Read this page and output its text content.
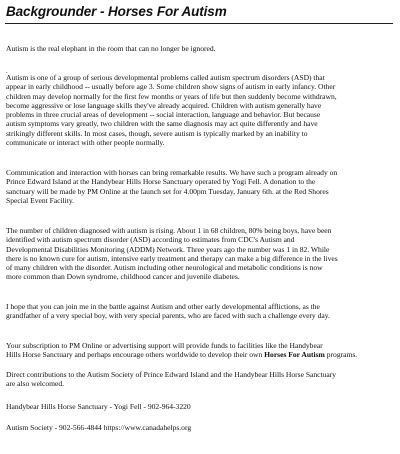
Backgrounder - Horses For Autism
Autism is the real elephant in the room that can no longer be ignored.
.
Autism is one of a group of serious developmental problems called autism spectrum disorders (ASD) that
appear in early childhood -- usually before age 3. Some children show signs of autism in early infancy. Other
children may develop normally for the first few months or years of life but then suddenly become withdrawn,
become aggressive or lose language skills they've already acquired. Children with autism generally have
problems in three crucial areas of development -- social interaction, language and behavior. But because
autism symptoms vary greatly, two children with the same diagnosis may act quite differently and have
strikingly different skills. In most cases, though, severe autism is typically marked by an inability to
communicate or interact with other people normally.
Communication and interaction with horses can bring remarkable results. We have such a program already on
Prince Edward Island at the Handybear Hills Horse Sanctuary operated by Yogi Fell. A donation to the
sanctuary will be made by PM Online at the launch set for 4.00pm Tuesday, January 6th. at the Red Shores
Special Event Facility.
The number of children diagnosed with autism is rising. About 1 in 68 children, 80% being boys, have been
identified with autism spectrum disorder (ASD) according to estimates from CDC's Autism and
Developmental Disabilities Monitoring (ADDM) Network. Three years ago the number was 1 in 82. While
there is no known cure for autism, intensive early treatment and therapy can make a big difference in the lives
of many children with the disorder. Autism including other neurological and metabolic conditions is now
more common than Down syndrome, childhood cancer and juvenile diabetes.
I hope that you can join me in the battle against Autism and other early developmental afflictions, as the
grandfather of a very special boy, with very special parents, who are faced with such a challenge every day.
Your subscription to PM Online or advertising support will provide funds to facilities like the Handybear
Hills Horse Sanctuary and perhaps encourage others worldwide to develop their own Horses For Autism programs.
Direct contributions to the Autism Society of Prince Edward Island and the Handybear Hills Horse Sanctuary
are also welcomed.
Handybear Hills Horse Sanctuary - Yogi Fell - 902-964-3220
Autism Society - 902-566-4844 https://www.canadahelps.org
